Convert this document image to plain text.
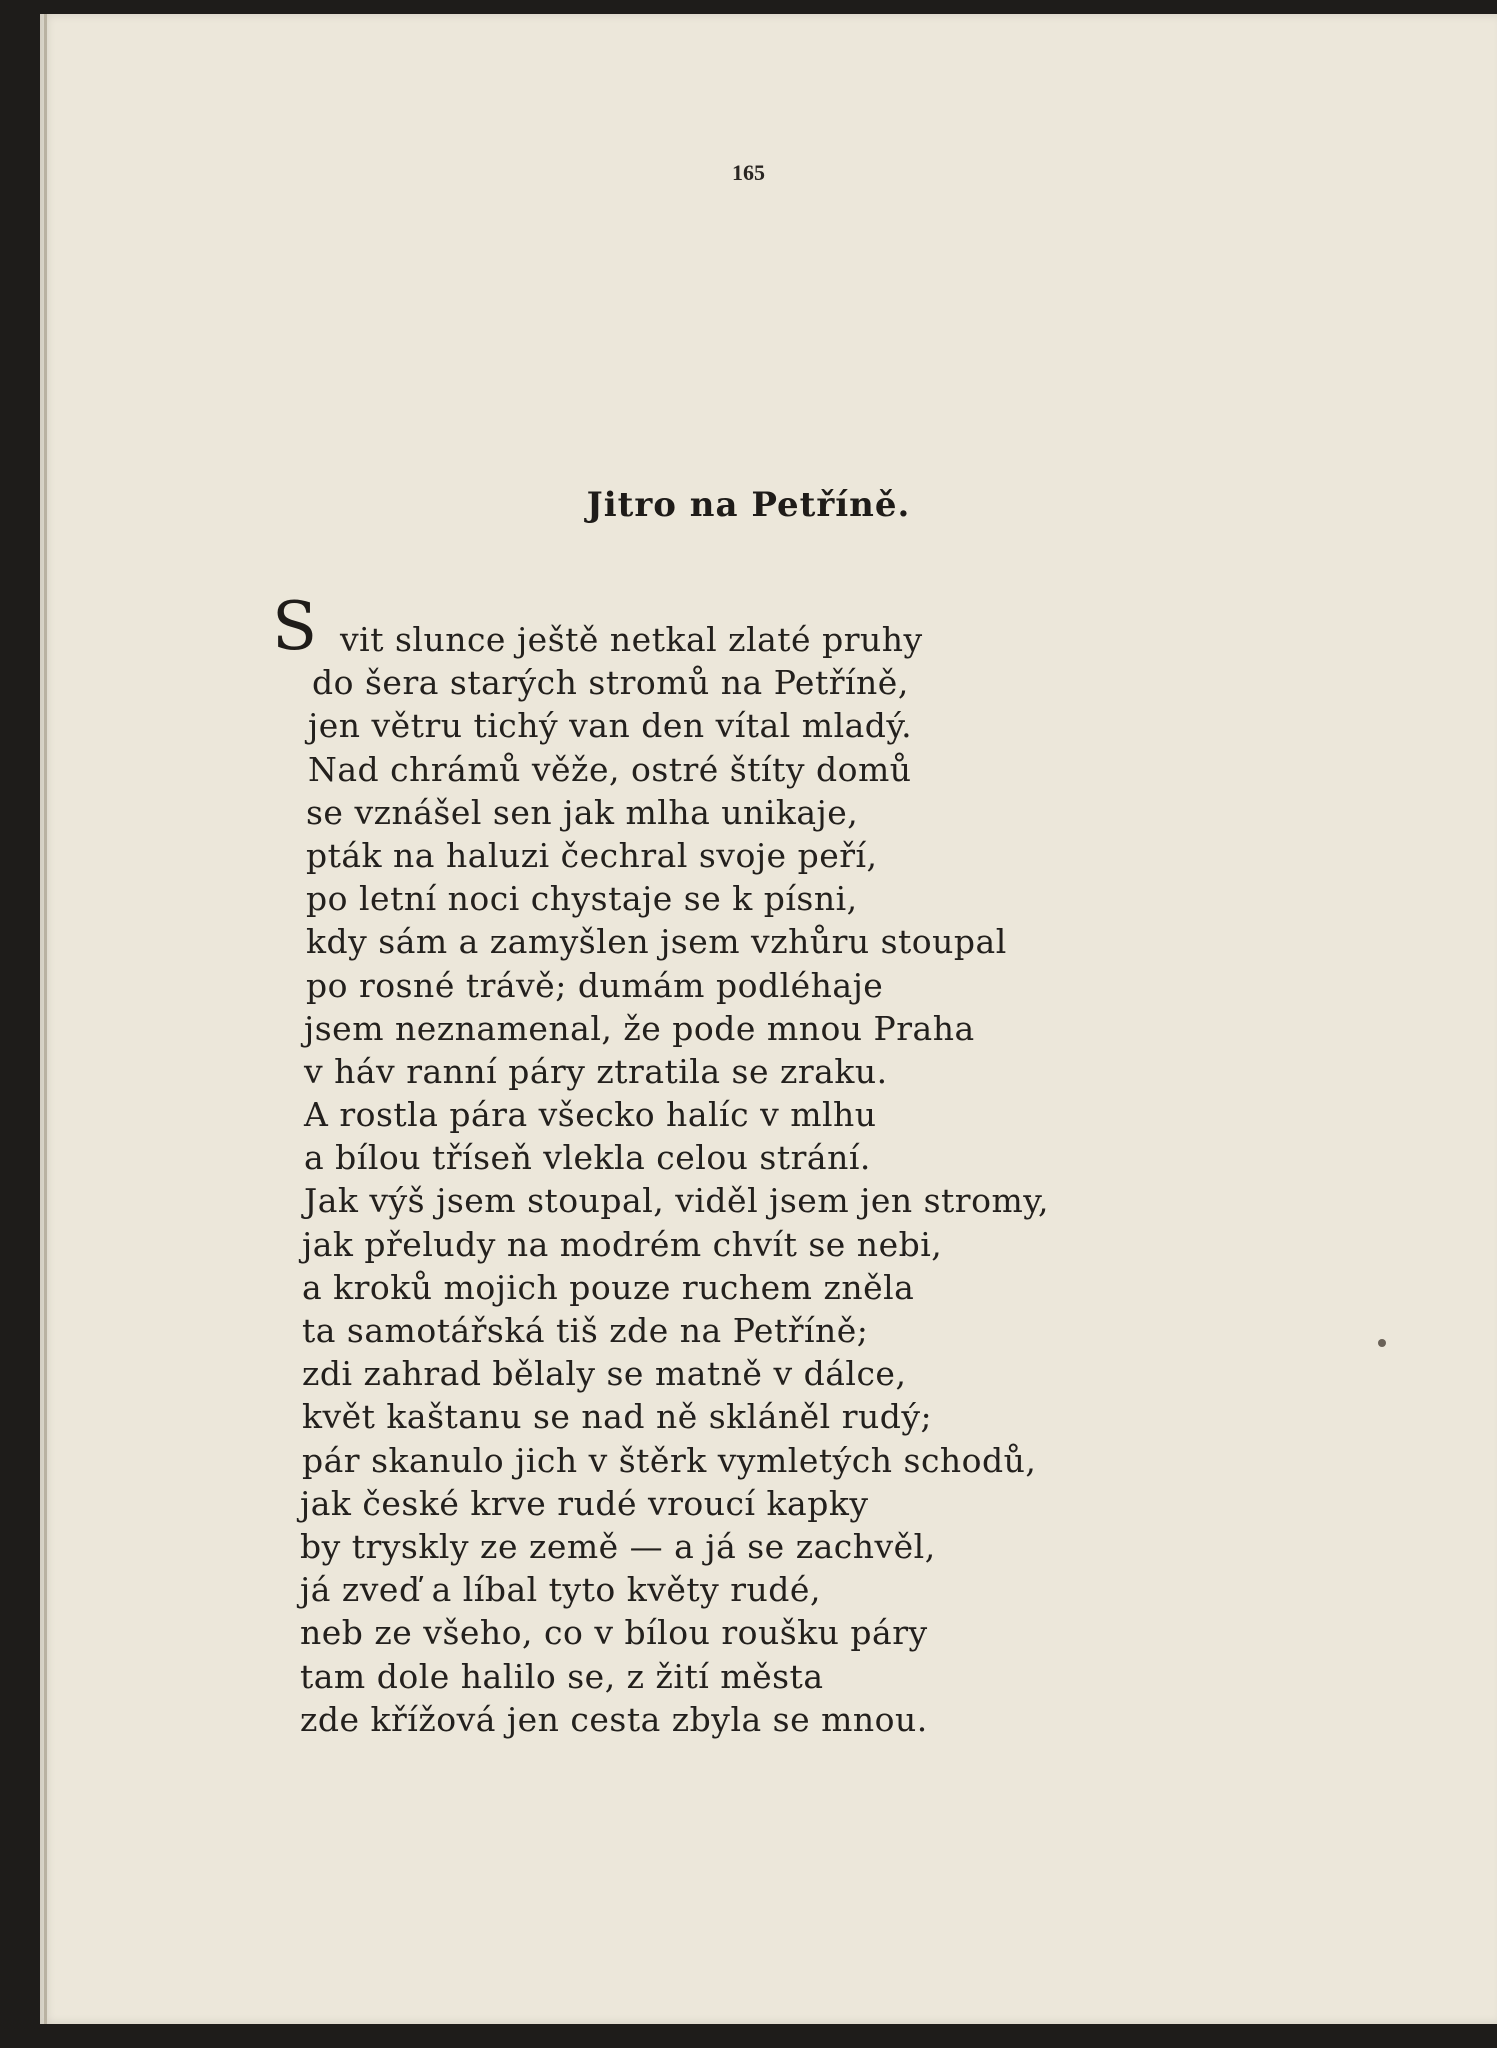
165
Jitro na Petříně.
S vit slunce ještě netkal zlaté pruhy
do šera starých stromů na Petříně,
jen větru tichý van den vítal mladý.
Nad chrámů věže, ostré štíty domů
se vznášel sen jak mlha unikaje,
pták na haluzi čechral svoje peří,
po letní noci chystaje se k písni,
kdy sám a zamyšlen jsem vzhůru stoupal
po rosné trávě; dumám podléhaje
jsem neznamenal, že pode mnou Praha
v háv ranní páry ztratila se zraku.
A rostla pára všecko halíc v mlhu
a bílou tříseň vlekla celou strání.
Jak výš jsem stoupal, viděl jsem jen stromy,
jak přeludy na modrém chvít se nebi,
a kroků mojich pouze ruchem zněla
ta samotářská tiš zde na Petříně;
zdi zahrad bělaly se matně v dálce,
květ kaštanu se nad ně skláněl rudý;
pár skanulo jich v štěrk vymletých schodů,
jak české krve rudé vroucí kapky
by tryskly ze země — a já se zachvěl,
já zveď a líbal tyto květy rudé,
neb ze všeho, co v bílou roušku páry
tam dole halilo se, z žití města
zde křížová jen cesta zbyla se mnou.
